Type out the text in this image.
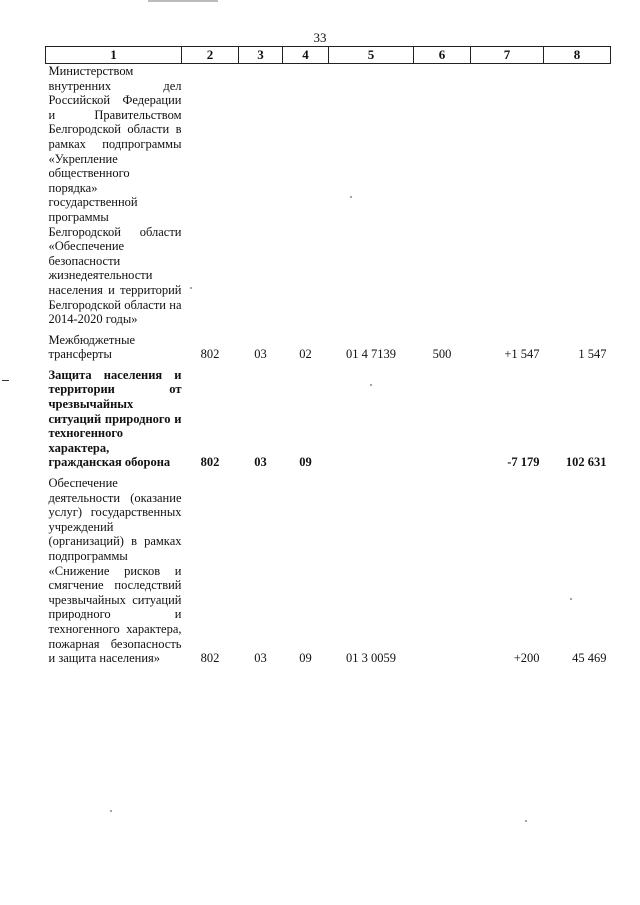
33
1	2	3	4	5	6	7	8
Министерством внутренних дел Российской Федерации и Правительством Белгородской области в рамках подпрограммы «Укрепление общественного порядка» государственной программы Белгородской области «Обеспечение безопасности жизнедеятельности населения и территорий Белгородской области на 2014-2020 годы»							

Межбюджетные трансферты	802	03	02	01 4 7139	500	+1 547	1 547

Защита населения и территории от чрезвычайных ситуаций природного и техногенного характера, гражданская оборона	802	03	09			-7 179	102 631

Обеспечение деятельности (оказание услуг) государственных учреждений (организаций) в рамках подпрограммы «Снижение рисков и смягчение последствий чрезвычайных ситуаций природного и техногенного характера, пожарная безопасность и защита населения»	802	03	09	01 3 0059		+200	45 469
